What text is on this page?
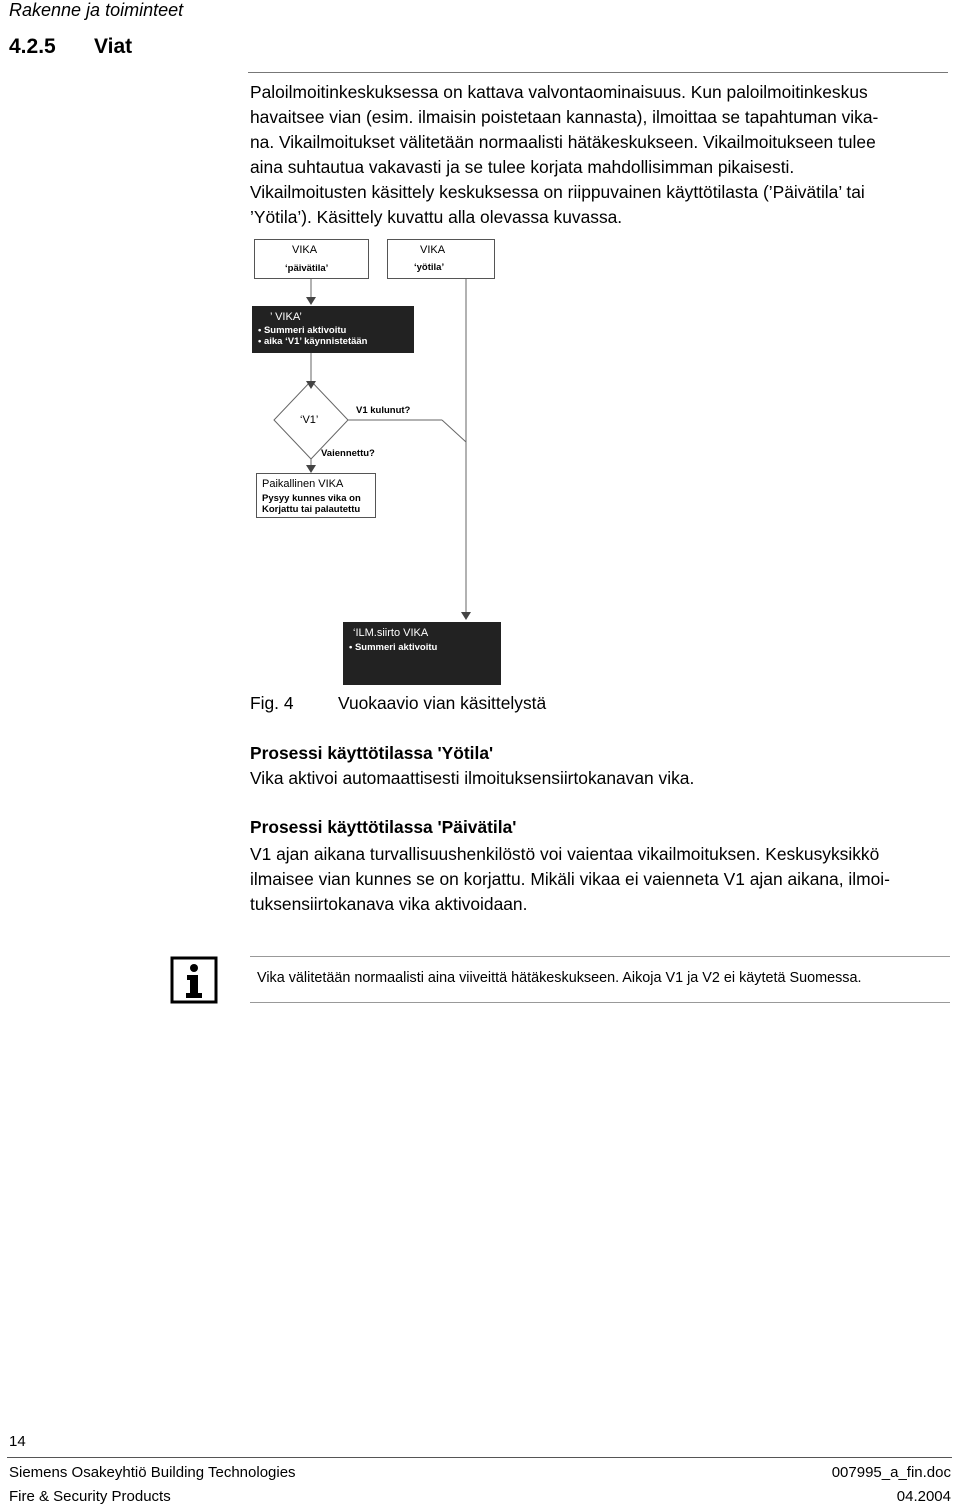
Rakenne ja toiminteet
4.2.5 Viat

Paloilmoitinkeskuksessa on kattava valvontaominaisuus. Kun paloilmoitinkeskus

havaitsee vian (esim. ilmaisin poistetaan kannasta), ilmoittaa se tapahtuman vika-

na. Vikailmoitukset välitetään normaalisti hätäkeskukseen. Vikailmoitukseen tulee

aina suhtautua vakavasti ja se tulee korjata mahdollisimman pikaisesti.

Vikailmoitusten käsittely keskuksessa on riippuvainen käyttötilasta (’Päivätila’ tai

’Yötila’). Käsittely kuvattu alla olevassa kuvassa.

VIKA
‘päivätila’
VIKA
‘yötila’
’ VIKA’
• Summeri aktivoitu
• aika ‘V1’ käynnistetään
‘V1’
V1 kulunut?
Vaiennettu?
Paikallinen VIKA
Pysyy kunnes vika on
Korjattu tai palautettu
‘ILM.siirto VIKA
• Summeri aktivoitu
Fig. 4	Vuokaavio vian käsittelystä
Prosessi käyttötilassa 'Yötila'
Vika aktivoi automaattisesti ilmoituksensiirtokanavan vika.
Prosessi käyttötilassa 'Päivätila'
V1 ajan aikana turvallisuushenkilöstö voi vaientaa vikailmoituksen. Keskusyksikkö
ilmaisee vian kunnes se on korjattu. Mikäli vikaa ei vaienneta V1 ajan aikana, ilmoi-
tuksensiirtokanava vika aktivoidaan.
Vika välitetään normaalisti aina viiveittä hätäkeskukseen. Aikoja V1 ja V2 ei käytetä Suomessa.
14
Siemens Osakeyhtiö Building Technologies	007995_a_fin.doc
Fire & Security Products	04.2004
